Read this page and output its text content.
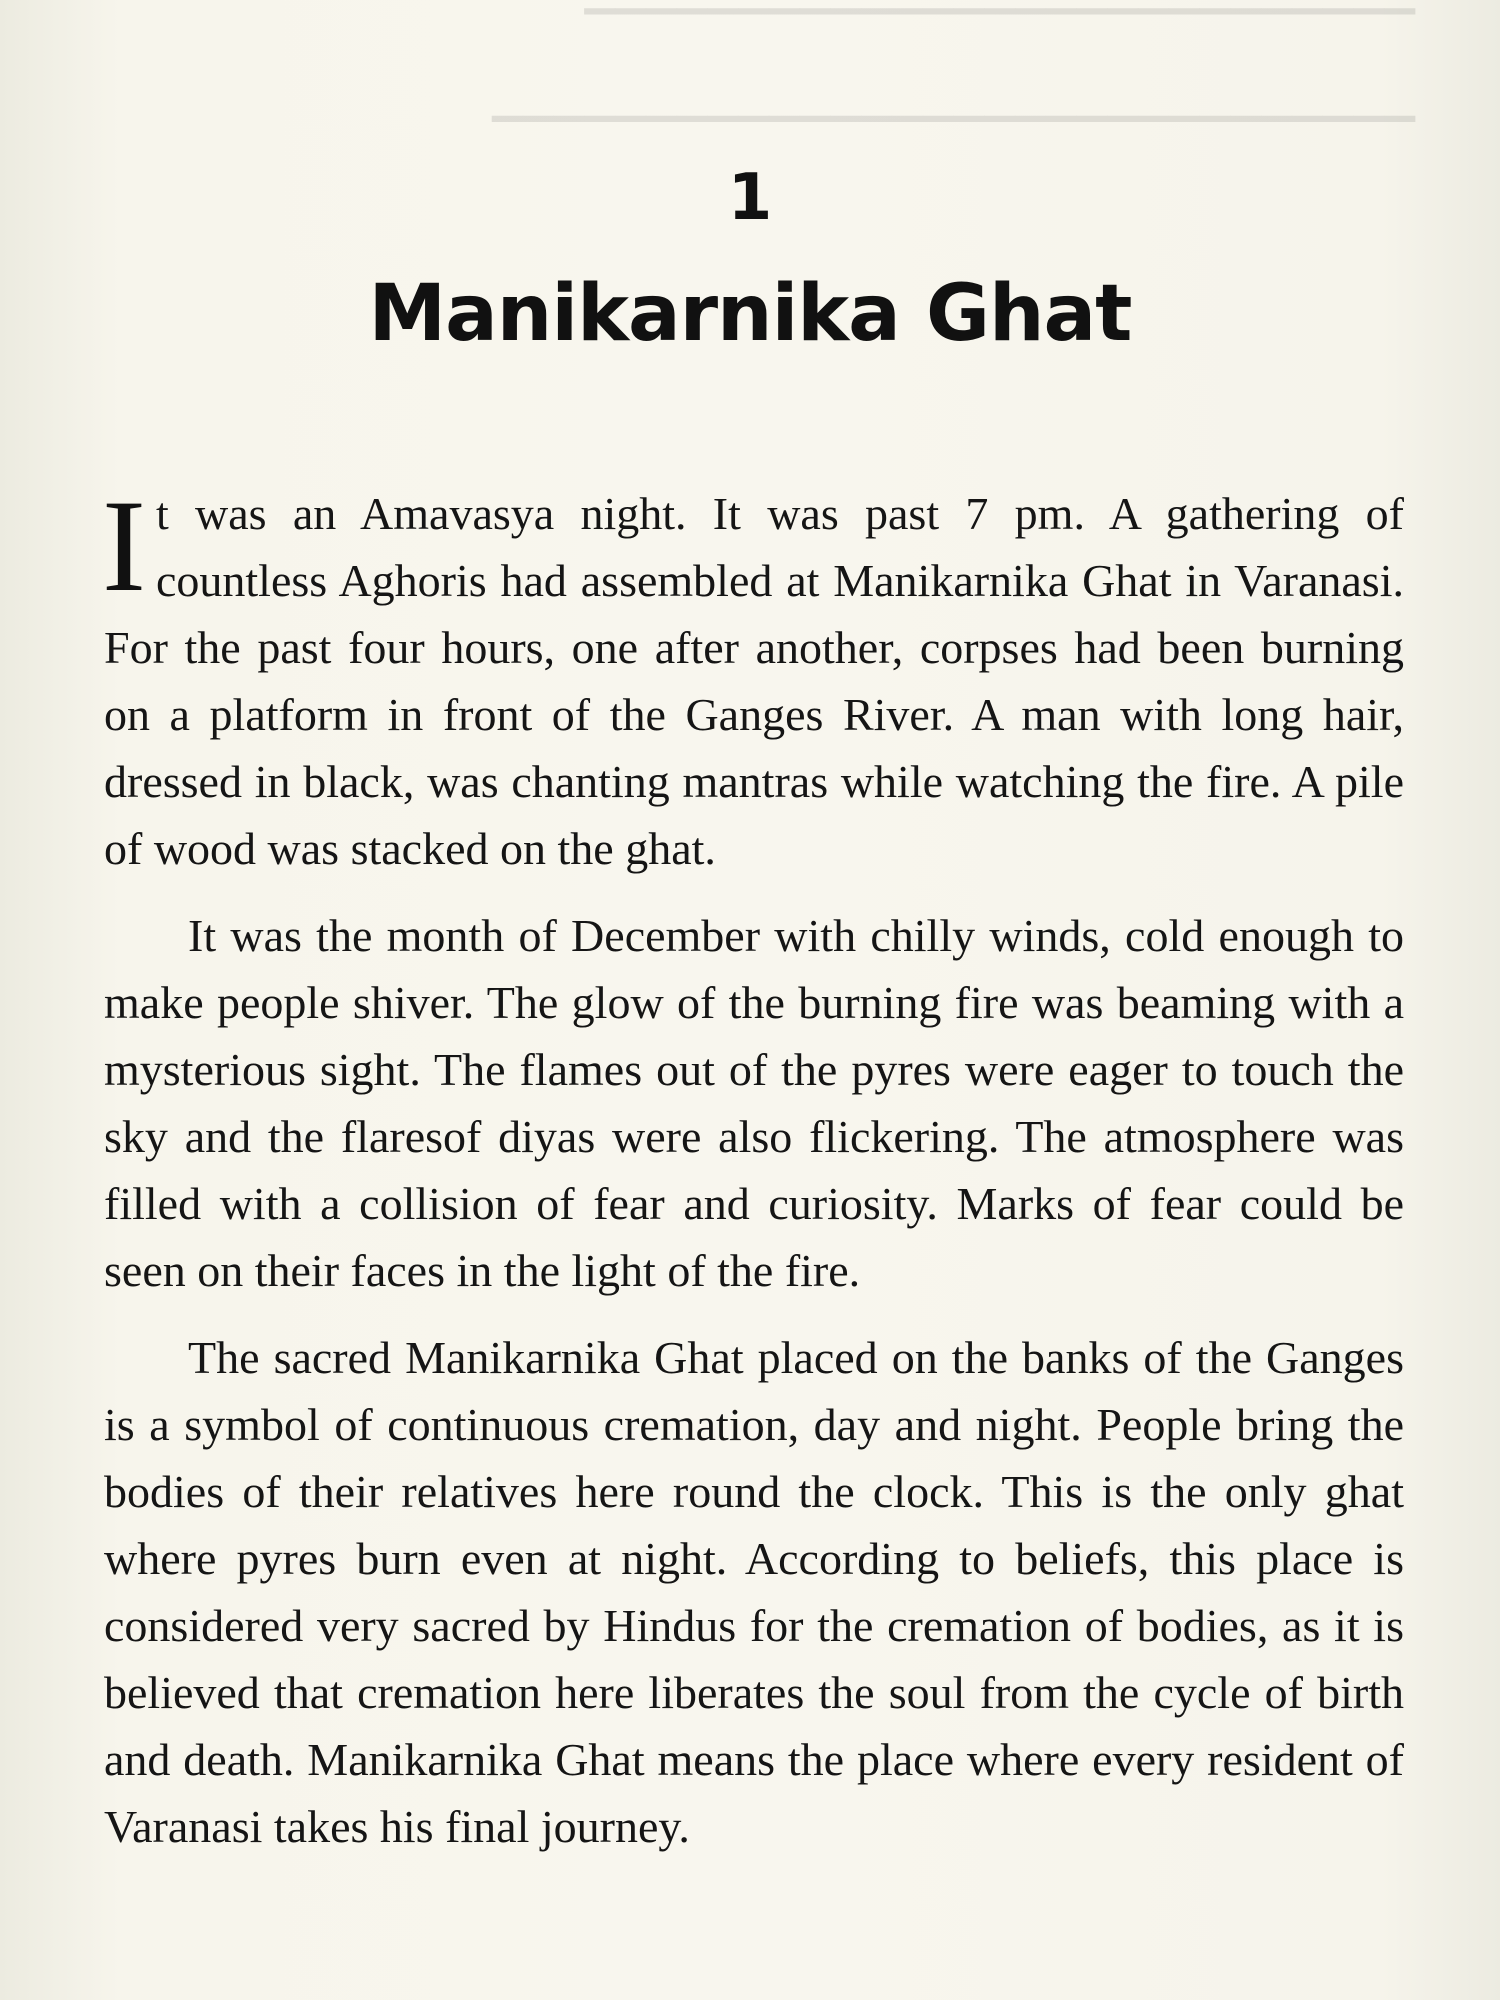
▔▔▔▔▔▔▔▔▔▔▔▔▔▔▔▔▔▔▔▔▔▔▔▔▔▔▔
▁▁▁▁▁▁▁▁▁▁▁▁▁▁▁▁▁▁▁▁▁▁▁▁▁▁▁▁▁▁
1
Manikarnika Ghat

It was an Amavasya night. It was past 7 pm. A gathering of countless Aghoris had assembled at Manikarnika Ghat in Varanasi. For the past four hours, one after another, corpses had been burning on a platform in front of the Ganges River. A man with long hair, dressed in black, was chanting mantras while watching the fire. A pile of wood was stacked on the ghat.

It was the month of December with chilly winds, cold enough to make people shiver. The glow of the burning fire was beaming with a mysterious sight. The flames out of the pyres were eager to touch the sky and the flaresof diyas were also flickering. The atmosphere was filled with a collision of fear and curiosity. Marks of fear could be seen on their faces in the light of the fire.

The sacred Manikarnika Ghat placed on the banks of the Ganges is a symbol of continuous cremation, day and night. People bring the bodies of their relatives here round the clock. This is the only ghat where pyres burn even at night. According to beliefs, this place is considered very sacred by Hindus for the cremation of bodies, as it is believed that cremation here liberates the soul from the cycle of birth and death. Manikarnika Ghat means the place where every resident of Varanasi takes his final journey.
